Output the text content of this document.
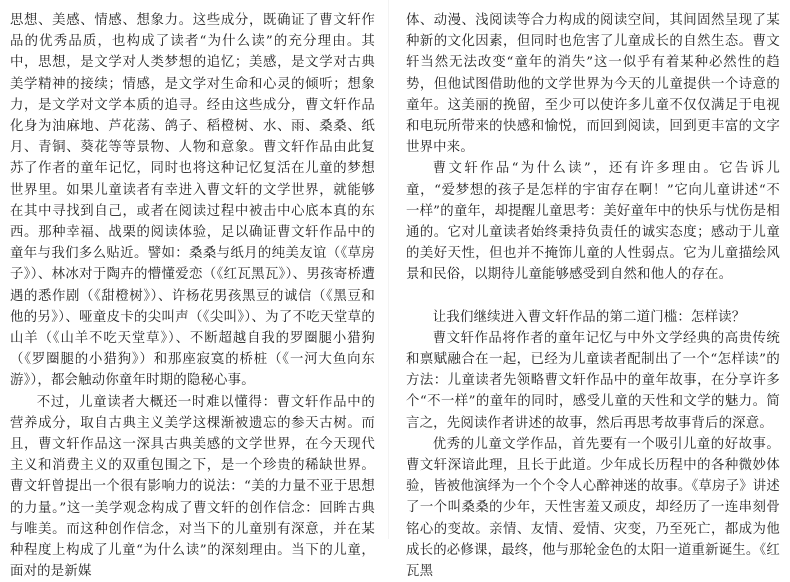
思想、美感、情感、想象力。这些成分，既确证了曹文轩作品的优秀品质，也构成了读者“为什么读”的充分理由。其中，思想，是文学对人类梦想的追忆；美感，是文学对古典美学精神的接续；情感，是文学对生命和心灵的倾听；想象力，是文学对文学本质的追寻。经由这些成分，曹文轩作品化身为油麻地、芦花荡、鸽子、稻橙树、水、雨、桑桑、纸月、青铜、葵花等等景物、人物和意象。曹文轩作品由此复苏了作者的童年记忆，同时也将这种记忆复活在儿童的梦想世界里。如果儿童读者有幸进入曹文轩的文学世界，就能够在其中寻找到自己，或者在阅读过程中被击中心底本真的东西。那种幸福、战栗的阅读体验，足以确证曹文轩作品中的童年与我们多么贴近。譬如：桑桑与纸月的纯美友谊（《草房子》）、林冰对于陶卉的懵懂爱恋（《红瓦黑瓦》）、男孩寄桥遭遇的悉作剧（《甜橙树》）、许杨花男孩黑豆的诚信（《黑豆和他的另》）、哑童皮卡的尖叫声（《尖叫》）、为了不吃天堂草的山羊（《山羊不吃天堂草》）、不断超越自我的罗圈腿小猎狗（《罗圈腿的小猎狗》）和那座寂寞的桥桩（《一河大鱼向东游》），都会触动你童年时期的隐秘心事。

不过，儿童读者大概还一时难以懂得：曹文轩作品中的营养成分，取自古典主义美学这棵渐被遗忘的参天古树。而且，曹文轩作品这一深具古典美感的文学世界，在今天现代主义和消费主义的双重包围之下，是一个珍贵的稀缺世界。曹文轩曾提出一个很有影响力的说法：“美的力量不亚于思想的力量。”这一美学观念构成了曹文轩的创作信念：回眸古典与唯美。而这种创作信念，对当下的儿童别有深意，并在某种程度上构成了儿童“为什么读”的深刻理由。当下的儿童，面对的是新媒

体、动漫、浅阅读等合力构成的阅读空间，其间固然呈现了某种新的文化因素，但同时也危害了儿童成长的自然生态。曹文轩当然无法改变“童年的消失”这一似乎有着某种必然性的趋势，但他试图借助他的文学世界为今天的儿童提供一个诗意的童年。这美丽的挽留，至少可以使许多儿童不仅仅满足于电视和电玩所带来的快感和愉悦，而回到阅读，回到更丰富的文字世界中来。

曹文轩作品“为什么读”，还有许多理由。它告诉儿童，“爱梦想的孩子是怎样的宇宙存在啊！”它向儿童讲述“不一样”的童年，却提醒儿童思考：美好童年中的快乐与忧伤是相通的。它对儿童读者始终秉持负责任的诚实态度；感动于儿童的美好天性，但也并不掩饰儿童的人性弱点。它为儿童描绘风景和民俗，以期待儿童能够感受到自然和他人的存在。

让我们继续进入曹文轩作品的第二道门槛：怎样读？

曹文轩作品将作者的童年记忆与中外文学经典的高贵传统和禀赋融合在一起，已经为儿童读者配制出了一个“怎样读”的方法：儿童读者先领略曹文轩作品中的童年故事，在分享许多个“不一样”的童年的同时，感受儿童的天性和文学的魅力。简言之，先阅读作者讲述的故事，然后再思考故事背后的深意。

优秀的儿童文学作品，首先要有一个吸引儿童的好故事。曹文轩深谙此理，且长于此道。少年成长历程中的各种微妙体验，皆被他演绎为一个个令人心醉神迷的故事。《草房子》讲述了一个叫桑桑的少年，天性害羞又顽皮，却经历了一连串刻骨铭心的变故。亲情、友情、爱情、灾变，乃至死亡，都成为他成长的必修课，最终，他与那轮金色的太阳一道重新诞生。《红瓦黑
